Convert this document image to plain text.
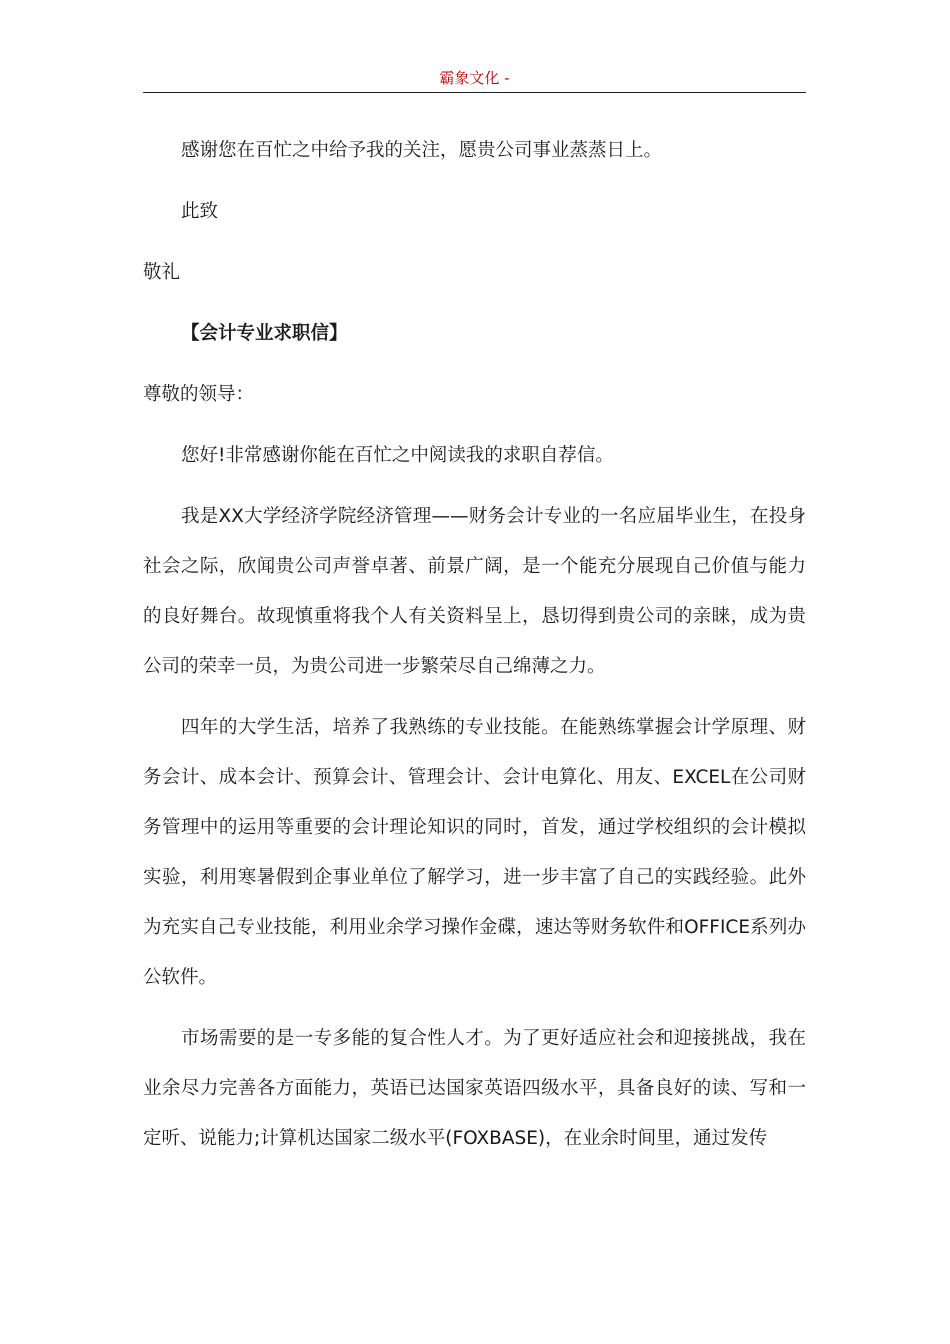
霸象文化 -

感谢您在百忙之中给予我的关注，愿贵公司事业蒸蒸日上。

此致

敬礼

【会计专业求职信】

尊敬的领导：

您好!非常感谢你能在百忙之中阅读我的求职自荐信。

我是XX大学经济学院经济管理——财务会计专业的一名应届毕业生，在投身社会之际，欣闻贵公司声誉卓著、前景广阔，是一个能充分展现自己价值与能力的良好舞台。故现慎重将我个人有关资料呈上，恳切得到贵公司的亲睐，成为贵公司的荣幸一员，为贵公司进一步繁荣尽自己绵薄之力。

四年的大学生活，培养了我熟练的专业技能。在能熟练掌握会计学原理、财务会计、成本会计、预算会计、管理会计、会计电算化、用友、EXCEL在公司财务管理中的运用等重要的会计理论知识的同时，首发，通过学校组织的会计模拟实验，利用寒暑假到企事业单位了解学习，进一步丰富了自己的实践经验。此外为充实自己专业技能，利用业余学习操作金碟，速达等财务软件和OFFICE系列办公软件。

市场需要的是一专多能的复合性人才。为了更好适应社会和迎接挑战，我在业余尽力完善各方面能力，英语已达国家英语四级水平，具备良好的读、写和一定听、说能力;计算机达国家二级水平(FOXBASE)，在业余时间里，通过发传
